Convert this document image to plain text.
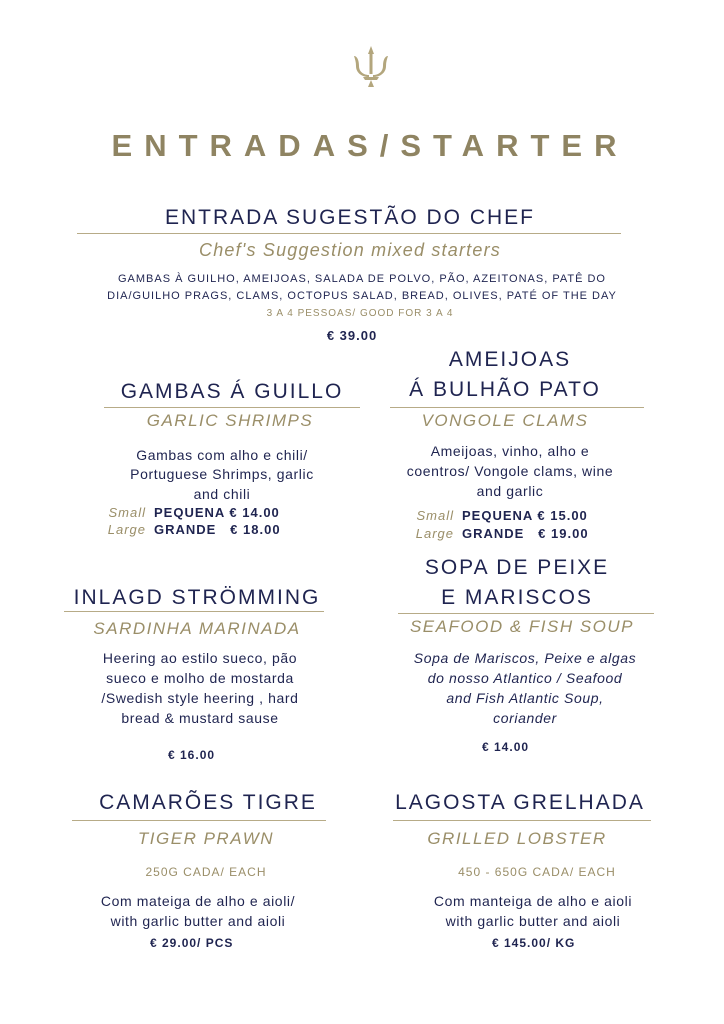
ENTRADAS/STARTER
ENTRADA SUGESTÃO DO CHEF
Chef's Suggestion mixed starters
GAMBAS À GUILHO, AMEIJOAS, SALADA DE POLVO, PÃO, AZEITONAS, PATÊ DO
DIA/GUILHO PRAGS, CLAMS, OCTOPUS SALAD, BREAD, OLIVES, PATÉ OF THE DAY
3 A 4 PESSOAS/ GOOD FOR 3 A 4
€ 39.00
GAMBAS Á GUILLO
GARLIC SHRIMPS
Gambas com alho e chili/
Portuguese Shrimps, garlic
and chili
Small PEQUENA € 14.00
Large GRANDE   € 18.00
AMEIJOAS
Á BULHÃO PATO
VONGOLE CLAMS
Ameijoas, vinho, alho e
coentros/ Vongole clams, wine
and garlic
Small PEQUENA € 15.00
Large GRANDE   € 19.00
INLAGD STRÖMMING
SARDINHA MARINADA
Heering ao estilo sueco, pão
sueco e molho de mostarda
/Swedish style heering , hard
bread & mustard sause
€ 16.00
SOPA DE PEIXE
E MARISCOS
SEAFOOD & FISH SOUP
Sopa de Mariscos, Peixe e algas
do nosso Atlantico / Seafood
and Fish Atlantic Soup,
coriander
€ 14.00
CAMARÕES TIGRE
TIGER PRAWN
250G CADA/ EACH
Com mateiga de alho e aioli/
with garlic butter and aioli
€ 29.00/ PCS
LAGOSTA GRELHADA
GRILLED LOBSTER
450 - 650G CADA/ EACH
Com manteiga de alho e aioli
with garlic butter and aioli
€ 145.00/ KG
